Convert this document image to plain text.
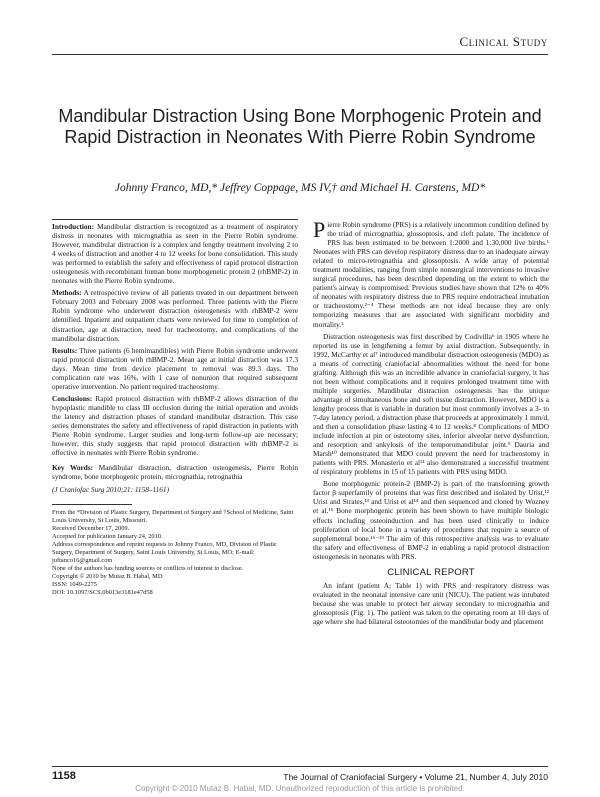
Clinical Study
Mandibular Distraction Using Bone Morphogenic Protein and Rapid Distraction in Neonates With Pierre Robin Syndrome
Johnny Franco, MD,* Jeffrey Coppage, MS IV,† and Michael H. Carstens, MD*

Introduction: Mandibular distraction is recognized as a treatment of respiratory distress in neonates with micrognathia as seen in the Pierre Robin syndrome. However, mandibular distraction is a complex and lengthy treatment involving 2 to 4 weeks of distraction and another 4 to 12 weeks for bone consolidation. This study was performed to establish the safety and effectiveness of rapid protocol distraction osteogenesis with recombinant human bone morphogenetic protein 2 (rhBMP-2) in neonates with the Pierre Robin syndrome.

Methods: A retrospective review of all patients treated in our department between February 2003 and February 2008 was performed. Three patients with the Pierre Robin syndrome who underwent distraction osteogenesis with rhBMP-2 were identified. Inpatient and outpatient charts were reviewed for time to completion of distraction, age at distraction, need for tracheostomy, and complications of the mandibular distraction.

Results: Three patients (6 hemimandibles) with Pierre Robin syndrome underwent rapid protocol distraction with rhBMP-2. Mean age at initial distraction was 17.3 days. Mean time from device placement to removal was 89.3 days. The complication rate was 16%, with 1 case of nonunion that required subsequent operative intervention. No patient required tracheostomy.

Conclusions: Rapid protocol distraction with rhBMP-2 allows distraction of the hypoplastic mandible to class III occlusion during the initial operation and avoids the latency and distraction phases of standard mandibular distraction. This case series demonstrates the safety and effectiveness of rapid distraction in patients with Pierre Robin syndrome. Larger studies and long-term follow-up are necessary; however, this study suggests that rapid protocol distraction with rhBMP-2 is effective in neonates with Pierre Robin syndrome.

Key Words: Mandibular distraction, distraction osteogenesis, Pierre Robin syndrome, bone morphogenic protein, micrognathia, retrognathia

(J Craniofac Surg 2010;21: 1158–1161)

From the *Division of Plastic Surgery, Department of Surgery and †School of Medicine, Saint Louis University, St Louis, Missouri.

Received December 17, 2009.

Accepted for publication January 24, 2010.

Address correspondence and reprint requests to Johnny Franco, MD, Division of Plastic Surgery, Department of Surgery, Saint Louis University, St Louis, MO; E-mail: juftanco16@gmail.com

None of the authors has funding sources or conflicts of interest to disclose.

Copyright © 2010 by Mutaz B. Habal, MD

ISSN: 1049-2275

DOI: 10.1097/SCS.0b013e3181e47d58

Pierre Robin syndrome (PRS) is a relatively uncommon condition defined by the triad of micrognathia, glossoptosis, and cleft palate. The incidence of PRS has been estimated to be between 1:2000 and 1:30,000 live births.¹ Neonates with PRS can develop respiratory distress due to an inadequate airway related to micro-retrognathia and glossoptosis. A wide array of potential treatment modalities, ranging from simple nonsurgical interventions to invasive surgical procedures, has been described depending on the extent to which the patient's airway is compromised. Previous studies have shown that 12% to 40% of neonates with respiratory distress due to PRS require endotracheal intubation or tracheostomy.²⁻⁴ These methods are not ideal because they are only temporizing measures that are associated with significant morbidity and mortality.⁵

Distraction osteogenesis was first described by Codivilla⁶ in 1905 where he reported its use in lengthening a femur by axial distraction. Subsequently, in 1992, McCarthy et al⁷ introduced mandibular distraction osteogenesis (MDO) as a means of correcting craniofacial abnormalities without the need for bone grafting. Although this was an incredible advance in craniofacial surgery, it has not been without complications and it requires prolonged treatment time with multiple surgeries. Mandibular distraction osteogenesis has the unique advantage of simultaneous bone and soft tissue distraction. However, MDO is a lengthy process that is variable in duration but most commonly involves a 3- to 7-day latency period, a distraction phase that proceeds at approximately 1 mm/d, and then a consolidation phase lasting 4 to 12 weeks.⁸ Complications of MDO include infection at pin or osteotomy sites, inferior alveolar nerve dysfunction, and resorption and ankylosis of the temporomandibular joint.⁹ Dauria and Marsh¹⁰ demonstrated that MDO could prevent the need for tracheostomy in patients with PRS. Monasterio et al¹¹ also demonstrated a successful treatment of respiratory problems in 15 of 15 patients with PRS using MDO.

Bone morphogenic protein-2 (BMP-2) is part of the transforming growth factor β superfamily of proteins that was first described and isolated by Urist,¹² Urist and Strates,¹³ and Urist et al¹⁴ and then sequenced and cloned by Wozney et al.¹⁵ Bone morphogenic protein has been shown to have multiple biologic effects including osteoinduction and has been used clinically to induce proliferation of local bone in a variety of procedures that require a source of supplemental bone.¹⁶⁻¹⁹ The aim of this retrospective analysis was to evaluate the safety and effectiveness of BMP-2 in enabling a rapid protocol distraction osteogenesis in neonates with PRS.

CLINICAL REPORT

An infant (patient A; Table 1) with PRS and respiratory distress was evaluated in the neonatal intensive care unit (NICU). The patient was intubated because she was unable to protect her airway secondary to micrognathia and glossoptosis (Fig. 1). The patient was taken to the operating room at 10 days of age where she had bilateral osteotomies of the mandibular body and placement

1158	The Journal of Craniofacial Surgery • Volume 21, Number 4, July 2010
Copyright © 2010 Mutaz B. Habal, MD. Unauthorized reproduction of this article is prohibited.
